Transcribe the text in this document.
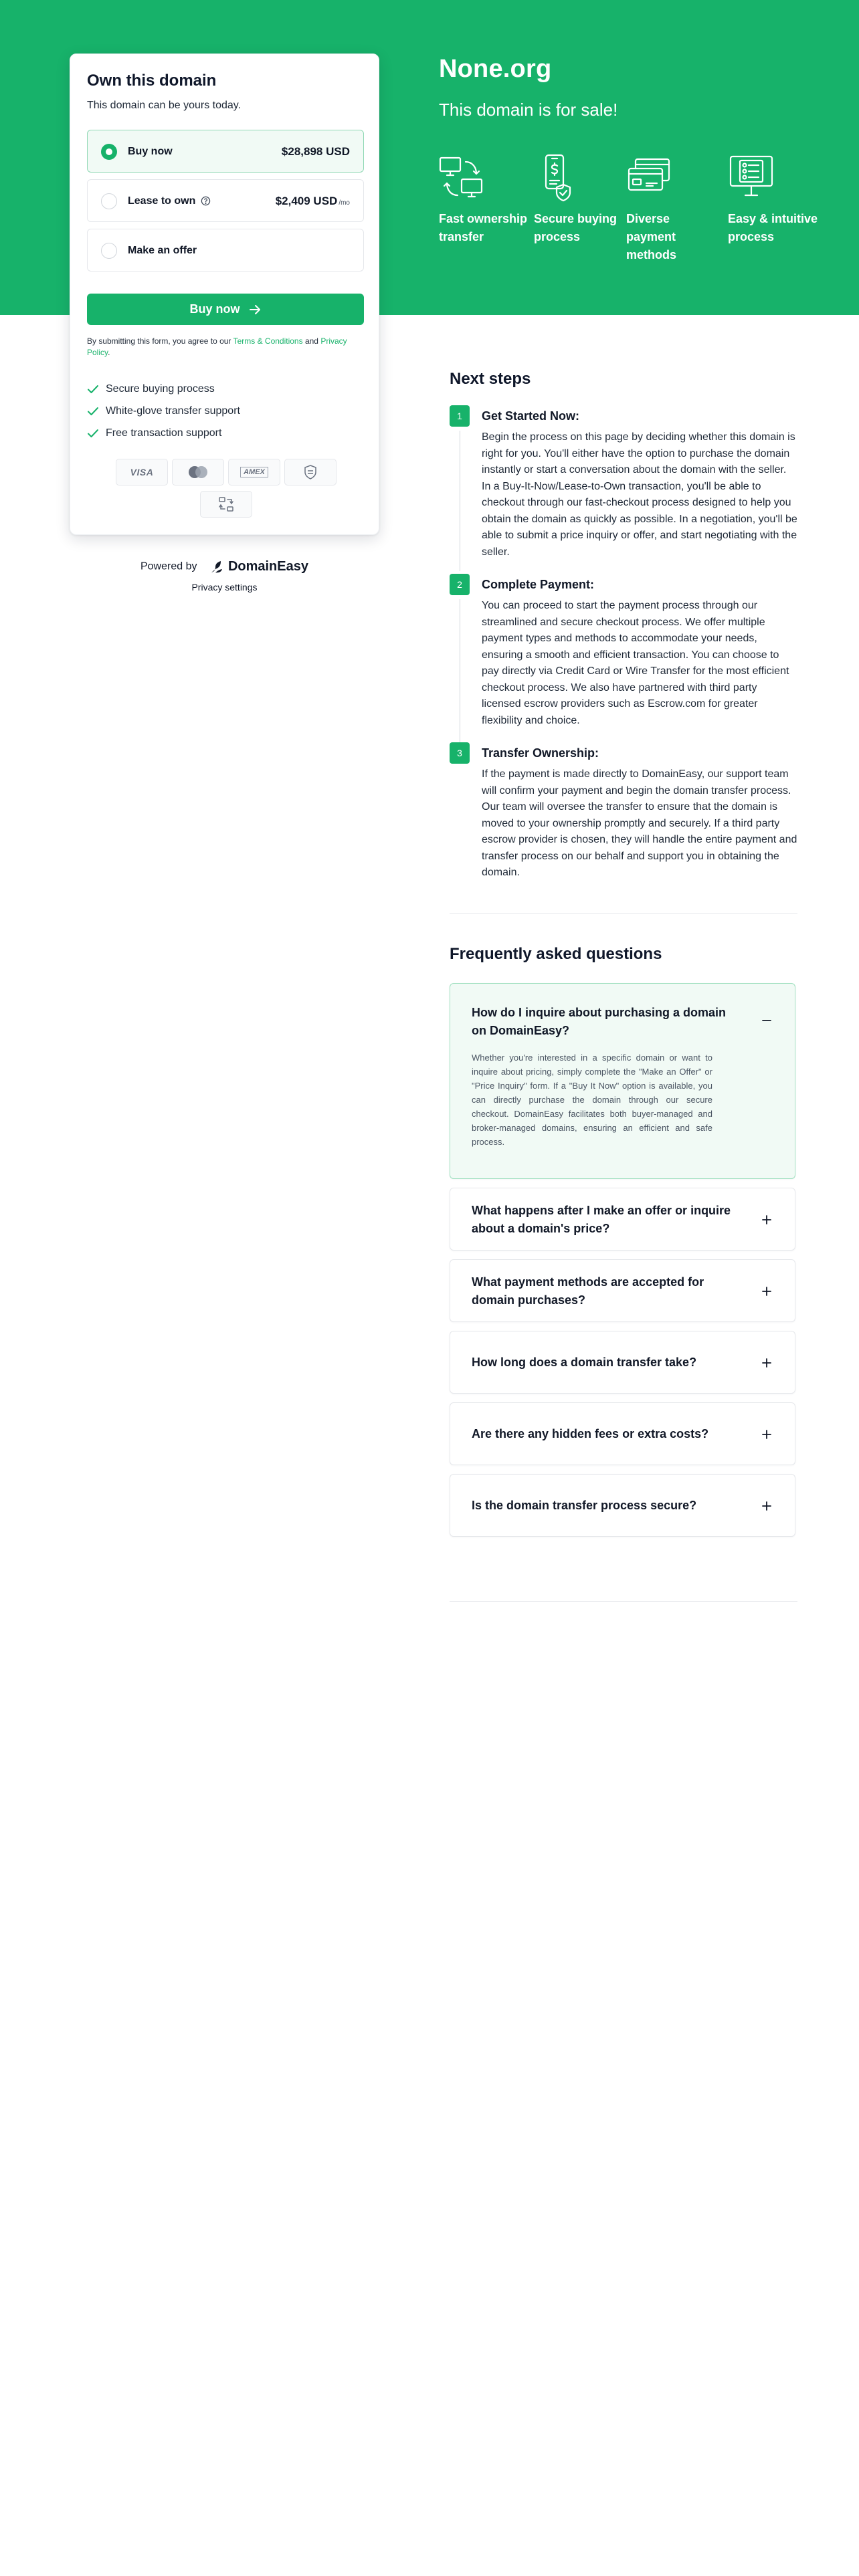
None.org
This domain is for sale!
Fast ownership transfer
Secure buying process
Diverse payment methods
Easy & intuitive process
Own this domain
This domain can be yours today.
Buy now	$28,898 USD
Lease to own	$2,409 USD /mo
Make an offer
Buy now
By submitting this form, you agree to our Terms & Conditions and Privacy Policy.
Secure buying process
White-glove transfer support
Free transaction support
VISA	AMEX
Powered by DomainEasy
Privacy settings
Next steps
1	Get Started Now:
Begin the process on this page by deciding whether this domain is right for you. You'll either have the option to purchase the domain instantly or start a conversation about the domain with the seller. In a Buy-It-Now/Lease-to-Own transaction, you'll be able to checkout through our fast-checkout process designed to help you obtain the domain as quickly as possible. In a negotiation, you'll be able to submit a price inquiry or offer, and start negotiating with the seller.
2	Complete Payment:
You can proceed to start the payment process through our streamlined and secure checkout process. We offer multiple payment types and methods to accommodate your needs, ensuring a smooth and efficient transaction. You can choose to pay directly via Credit Card or Wire Transfer for the most efficient checkout process. We also have partnered with third party licensed escrow providers such as Escrow.com for greater flexibility and choice.
3	Transfer Ownership:
If the payment is made directly to DomainEasy, our support team will confirm your payment and begin the domain transfer process. Our team will oversee the transfer to ensure that the domain is moved to your ownership promptly and securely. If a third party escrow provider is chosen, they will handle the entire payment and transfer process on our behalf and support you in obtaining the domain.
Frequently asked questions
How do I inquire about purchasing a domain on DomainEasy?
Whether you're interested in a specific domain or want to inquire about pricing, simply complete the "Make an Offer" or "Price Inquiry" form. If a "Buy It Now" option is available, you can directly purchase the domain through our secure checkout. DomainEasy facilitates both buyer-managed and broker-managed domains, ensuring an efficient and safe process.
What happens after I make an offer or inquire about a domain's price?
What payment methods are accepted for domain purchases?
How long does a domain transfer take?
Are there any hidden fees or extra costs?
Is the domain transfer process secure?
